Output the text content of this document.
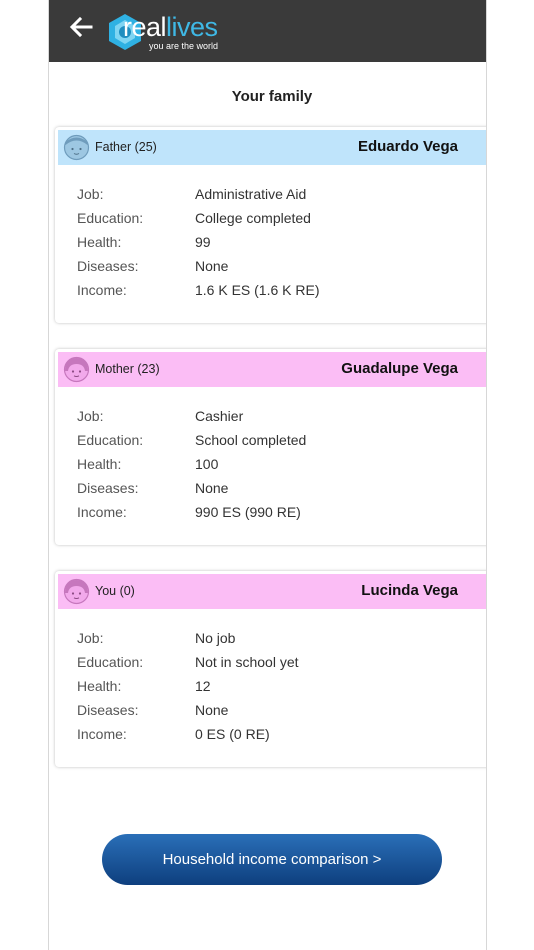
reallives
you are the world
Your family
Father (25)	Eduardo Vega
Job:	Administrative Aid
Education:	College completed
Health:	99
Diseases:	None
Income:	1.6 K ES (1.6 K RE)
Mother (23)	Guadalupe Vega
Job:	Cashier
Education:	School completed
Health:	100
Diseases:	None
Income:	990 ES (990 RE)
You (0)	Lucinda Vega
Job:	No job
Education:	Not in school yet
Health:	12
Diseases:	None
Income:	0 ES (0 RE)
Household income comparison >
